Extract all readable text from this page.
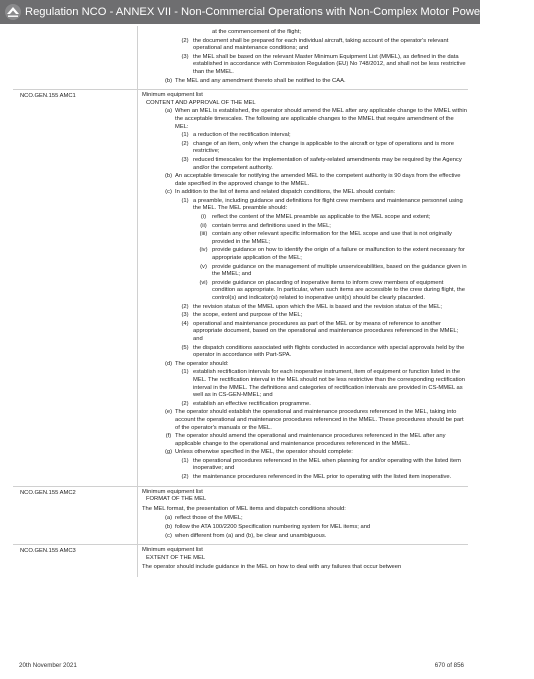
Regulation NCO - ANNEX VII - Non-Commercial Operations with Non-Complex Motor Powered Aircraft
at the commencement of the flight;
(2) the document shall be prepared for each individual aircraft, taking account of the operator's relevant operational and maintenance conditions; and
(3) the MEL shall be based on the relevant Master Minimum Equipment List (MMEL), as defined in the data established in accordance with Commission Regulation (EU) No 748/2012, and shall not be less restrictive than the MMEL.
(b) The MEL and any amendment thereto shall be notified to the CAA.
NCO.GEN.155 AMC1	Minimum equipment list
CONTENT AND APPROVAL OF THE MEL
(a) When an MEL is established, the operator should amend the MEL after any applicable change to the MMEL within the acceptable timescales. The following are applicable changes to the MMEL that require amendment of the MEL:
(1) a reduction of the rectification interval;
(2) change of an item, only when the change is applicable to the aircraft or type of operations and is more restrictive;
(3) reduced timescales for the implementation of safety-related amendments may be required by the Agency and/or the competent authority.
(b) An acceptable timescale for notifying the amended MEL to the competent authority is 90 days from the effective date specified in the approved change to the MMEL.
(c) In addition to the list of items and related dispatch conditions, the MEL should contain:
(1) a preamble, including guidance and definitions for flight crew members and maintenance personnel using the MEL. The MEL preamble should:
(i)	reflect the content of the MMEL preamble as applicable to the MEL scope and extent;
(ii) contain terms and definitions used in the MEL;
(iii) contain any other relevant specific information for the MEL scope and use that is not originally provided in the MMEL;
(iv) provide guidance on how to identify the origin of a failure or malfunction to the extent necessary for appropriate application of the MEL;
(v) provide guidance on the management of multiple unserviceabilities, based on the guidance given in the MMEL; and
(vi) provide guidance on placarding of inoperative items to inform crew members of equipment condition as appropriate. In particular, when such items are accessible to the crew during flight, the control(s) and indicator(s) related to inoperative unit(s) should be clearly placarded.
(2) the revision status of the MMEL upon which the MEL is based and the revision status of the MEL;
(3) the scope, extent and purpose of the MEL;
(4) operational and maintenance procedures as part of the MEL or by means of reference to another appropriate document, based on the operational and maintenance procedures referenced in the MMEL; and
(5) the dispatch conditions associated with flights conducted in accordance with special approvals held by the operator in accordance with Part-SPA.
(d) The operator should:
(1) establish rectification intervals for each inoperative instrument, item of equipment or function listed in the MEL. The rectification interval in the MEL should not be less restrictive than the corresponding rectification interval in the MMEL. The definitions and categories of rectification intervals are provided in CS-MMEL as well as in CS-GEN-MMEL; and
(2) establish an effective rectification programme.
(e) The operator should establish the operational and maintenance procedures referenced in the MEL, taking into account the operational and maintenance procedures referenced in the MMEL. These procedures should be part of the operator's manuals or the MEL.
(f) The operator should amend the operational and maintenance procedures referenced in the MEL after any applicable change to the operational and maintenance procedures referenced in the MMEL.
(g) Unless otherwise specified in the MEL, the operator should complete:
(1) the operational procedures referenced in the MEL when planning for and/or operating with the listed item inoperative; and
(2) the maintenance procedures referenced in the MEL prior to operating with the listed item inoperative.
NCO.GEN.155 AMC2	Minimum equipment list
FORMAT OF THE MEL
The MEL format, the presentation of MEL items and dispatch conditions should:
(a) reflect those of the MMEL;
(b) follow the ATA 100/2200 Specification numbering system for MEL items; and
(c) when different from (a) and (b), be clear and unambiguous.
NCO.GEN.155 AMC3	Minimum equipment list
EXTENT OF THE MEL
The operator should include guidance in the MEL on how to deal with any failures that occur between
20th November 2021	670 of 856
